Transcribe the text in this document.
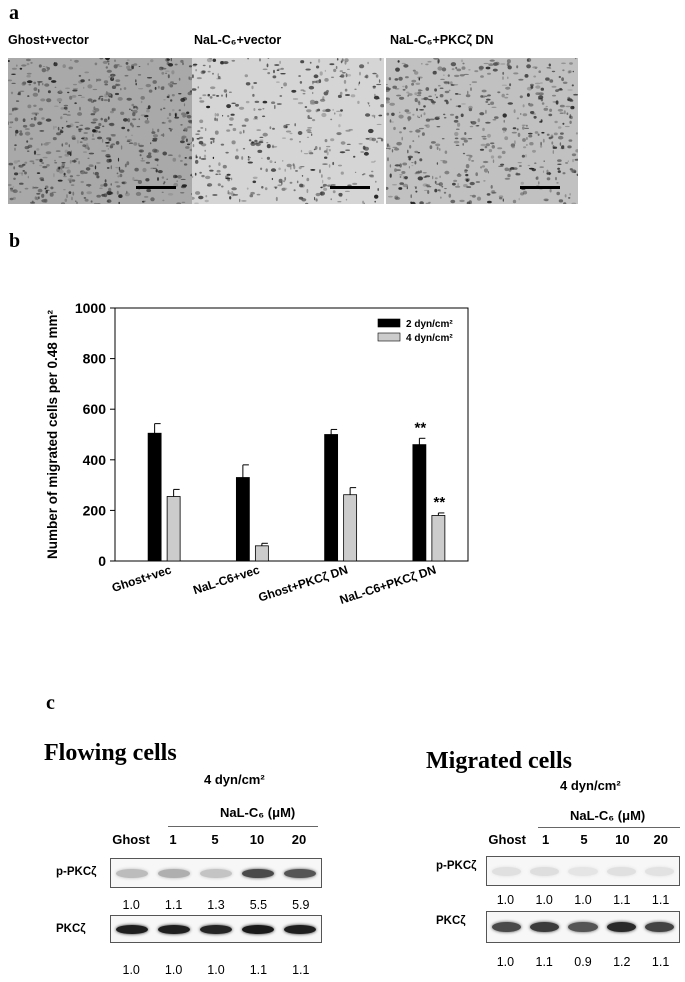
a
Ghost+vector	NaL-C₆+vector	NaL-C₆+PKCζ DN
b
0
200
400
600
800
1000
Number of migrated cells per 0.48 mm²
Ghost+vec NaL-C6+vec
Ghost+PKCζ DN
**
**
NaL-C6+PKCζ DN
2 dyn/cm²
4 dyn/cm²
c
Flowing cells
4 dyn/cm²
NaL-C₆ (μM)
Ghost	1	5	10	20
p-PKCζ
1.0	1.1	1.3	5.5	5.9
PKCζ
1.0	1.0	1.0	1.1	1.1
Migrated cells
4 dyn/cm²
NaL-C₆ (μM)
Ghost	1	5	10	20
p-PKCζ
1.0	1.0	1.0	1.1	1.1
PKCζ
1.0	1.1	0.9	1.2	1.1
